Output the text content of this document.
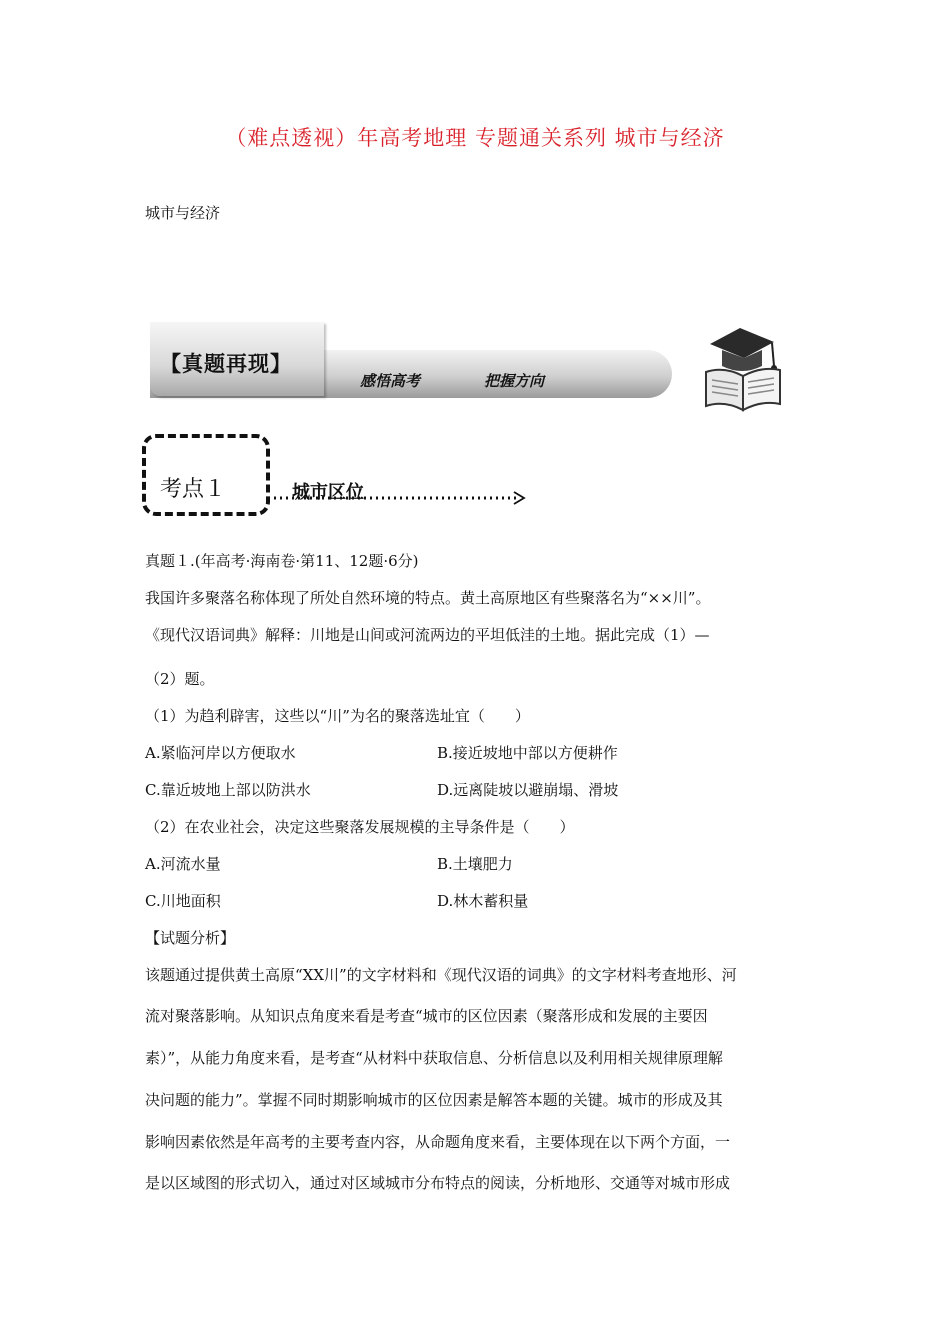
（难点透视）年高考地理 专题通关系列 城市与经济
城市与经济
【真题再现】
感悟高考	把握方向
考点１	城市区位
真题１.(年高考·海南卷·第11、12题·6分)
我国许多聚落名称体现了所处自然环境的特点。黄土高原地区有些聚落名为“××川”。
《现代汉语词典》解释：川地是山间或河流两边的平坦低洼的土地。据此完成（1）—
（2）题。
（1）为趋利辟害，这些以“川”为名的聚落选址宜（　　）
A.紧临河岸以方便取水	B.接近坡地中部以方便耕作
C.靠近坡地上部以防洪水	D.远离陡坡以避崩塌、滑坡
（2）在农业社会，决定这些聚落发展规模的主导条件是（　　）
A.河流水量	B.土壤肥力
C.川地面积	D.林木蓄积量
【试题分析】
该题通过提供黄土高原“XX川”的文字材料和《现代汉语的词典》的文字材料考查地形、河
流对聚落影响。从知识点角度来看是考查“城市的区位因素（聚落形成和发展的主要因
素）”，从能力角度来看，是考查“从材料中获取信息、分析信息以及利用相关规律原理解
决问题的能力”。掌握不同时期影响城市的区位因素是解答本题的关键。城市的形成及其
影响因素依然是年高考的主要考查内容，从命题角度来看，主要体现在以下两个方面，一
是以区域图的形式切入，通过对区域城市分布特点的阅读，分析地形、交通等对城市形成
